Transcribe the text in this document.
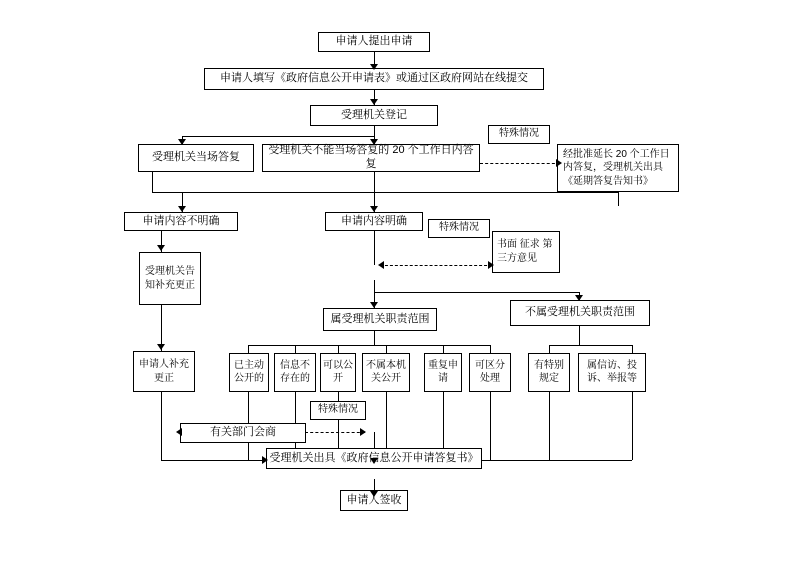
申请人提出申请
申请人填写《政府信息公开申请表》或通过区政府网站在线提交
受理机关登记
受理机关当场答复
受理机关不能当场答复的 20 个工作日内答复
特殊情况
经批准延长 20 个工作日内答复，受理机关出具《延期答复告知书》
申请内容不明确	申请内容明确
特殊情况
书面 征求 第三方意见
受理机关告知补充更正
属受理机关职责范围
不属受理机关职责范围
申请人补充更正
已主动公开的
信息不存在的
可以公开
不属本机关公开
重复申请
可区分处理
有特别规定
属信访、投诉、举报等
特殊情况
有关部门会商
受理机关出具《政府信息公开申请答复书》
申请人签收
